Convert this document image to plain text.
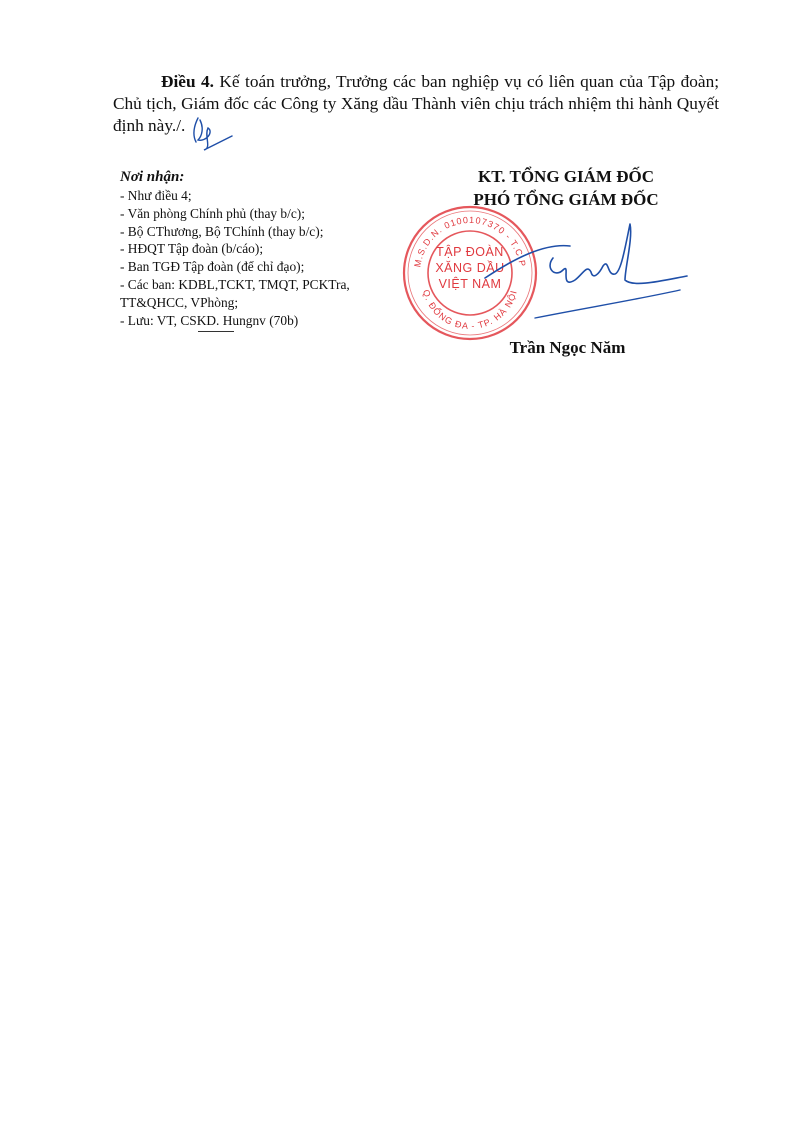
Điều 4. Kế toán trưởng, Trưởng các ban nghiệp vụ có liên quan của Tập đoàn; Chủ tịch, Giám đốc các Công ty Xăng dầu Thành viên chịu trách nhiệm thi hành Quyết định này./.

Nơi nhận:
- Như điều 4;
- Văn phòng Chính phủ (thay b/c);
- Bộ CThương, Bộ TChính (thay b/c);
- HĐQT Tập đoàn (b/cáo);
- Ban TGĐ Tập đoàn (để chỉ đạo);
- Các ban: KDBL,TCKT, TMQT, PCKTra, TT&QHCC, VPhòng;
- Lưu: VT, CSKD. Hungnv (70b)
KT. TỔNG GIÁM ĐỐC
PHÓ TỔNG GIÁM ĐỐC
M.S.D.N. 0100107370 - T.C.P
Q. ĐỐNG ĐA - TP. HÀ NỘI
TẬP ĐOÀN
XĂNG DẦU
VIỆT NAM
Trần Ngọc Năm
